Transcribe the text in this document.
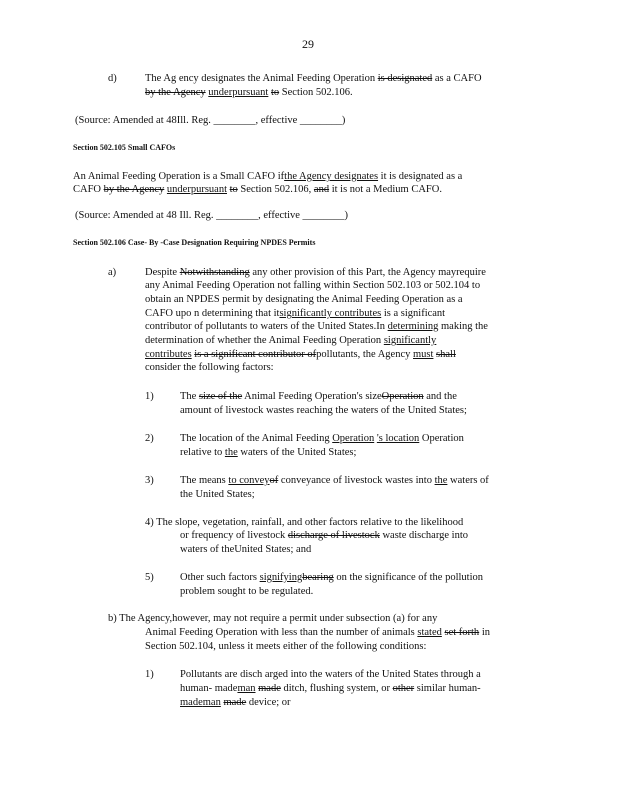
29
d)	The Ag ency designates the Animal Feeding Operation is designated as a CAFO
by the Agency underpursuant to Section 502.106.
(Source: Amended at 48Ill. Reg. ________, effective ________)
Section 502.105 Small CAFOs
An Animal Feeding Operation is a Small CAFO ifthe Agency designates it is designated as a
CAFO by the Agency underpursuant to Section 502.106, and it is not a Medium CAFO.
(Source: Amended at 48 Ill. Reg. ________, effective ________)
Section 502.106 Case- By -Case Designation Requiring NPDES Permits
a)	Despite Notwithstanding any other provision of this Part, the Agency mayrequire
any Animal Feeding Operation not falling within Section 502.103 or 502.104 to
obtain an NPDES permit by designating the Animal Feeding Operation as a
CAFO upo n determining that itsignificantly contributes is a significant
contributor of pollutants to waters of the United States.In determining making the
determination of whether the Animal Feeding Operation significantly
contributes is a significant contributor ofpollutants, the Agency must shall
consider the following factors:
1)	The size of the Animal Feeding Operation's sizeOperation and the
amount of livestock wastes reaching the waters of the United States;
2)	The location of the Animal Feeding Operation 's location Operation
relative to the waters of the United States;
3)	The means to conveyof conveyance of livestock wastes into the waters of
the United States;
4) The slope, vegetation, rainfall, and other factors relative to the likelihood
or frequency of livestock discharge of livestock waste discharge into
waters of theUnited States; and
5)	Other such factors signifyingbearing on the significance of the pollution
problem sought to be regulated.
b) The Agency,however, may not require a permit under subsection (a) for any
Animal Feeding Operation with less than the number of animals stated set forth in
Section 502.104, unless it meets either of the following conditions:
1)	Pollutants are disch arged into the waters of the United States through a
human- mademan made ditch, flushing system, or other similar human-
mademan made device; or
